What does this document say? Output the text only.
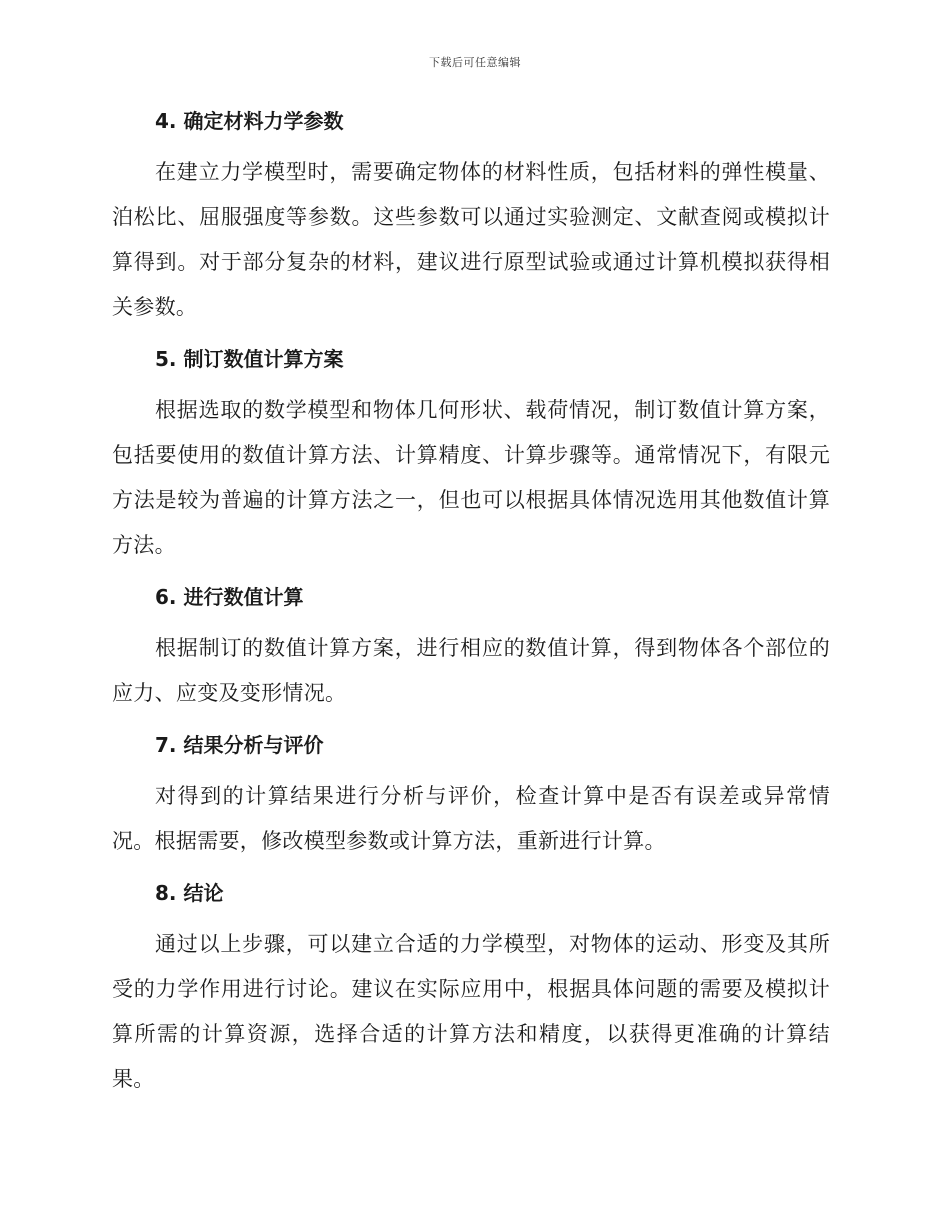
下载后可任意编辑
4. 确定材料力学参数

在建立力学模型时，需要确定物体的材料性质，包括材料的弹性模量、泊松比、屈服强度等参数。这些参数可以通过实验测定、文献查阅或模拟计算得到。对于部分复杂的材料，建议进行原型试验或通过计算机模拟获得相关参数。

5. 制订数值计算方案

根据选取的数学模型和物体几何形状、载荷情况，制订数值计算方案，包括要使用的数值计算方法、计算精度、计算步骤等。通常情况下，有限元方法是较为普遍的计算方法之一，但也可以根据具体情况选用其他数值计算方法。

6. 进行数值计算

根据制订的数值计算方案，进行相应的数值计算，得到物体各个部位的应力、应变及变形情况。

7. 结果分析与评价

对得到的计算结果进行分析与评价，检查计算中是否有误差或异常情况。根据需要，修改模型参数或计算方法，重新进行计算。

8. 结论

通过以上步骤，可以建立合适的力学模型，对物体的运动、形变及其所受的力学作用进行讨论。建议在实际应用中，根据具体问题的需要及模拟计算所需的计算资源，选择合适的计算方法和精度，以获得更准确的计算结果。
